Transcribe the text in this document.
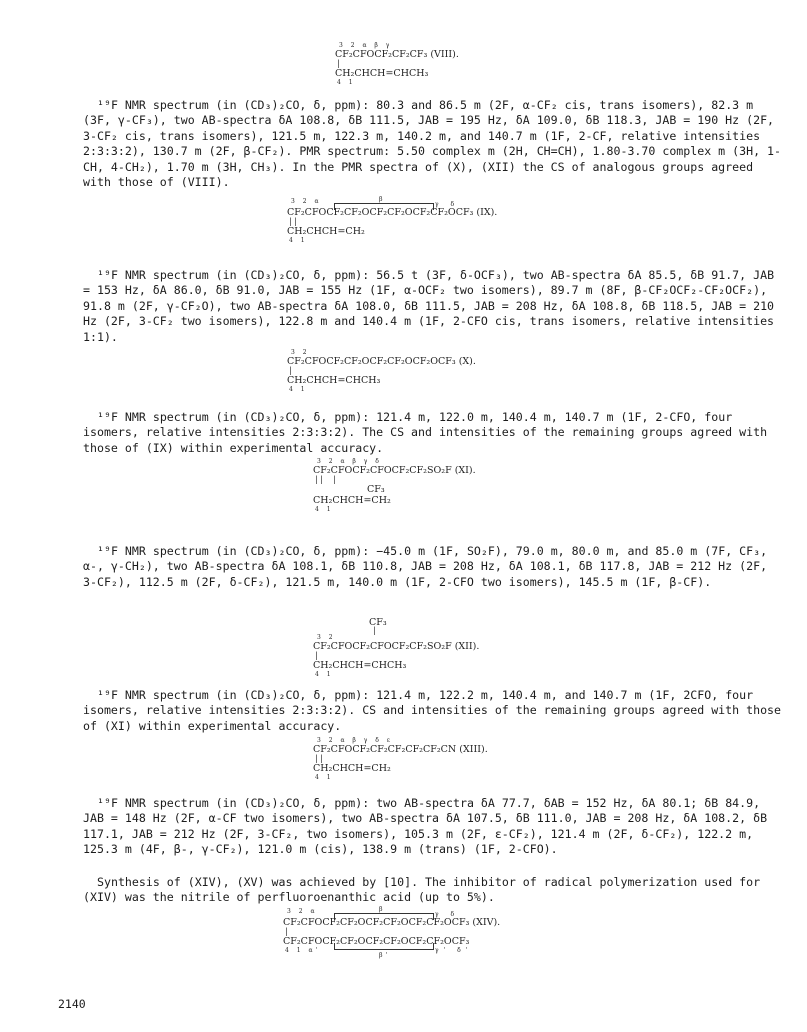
3 2 α β γ
CF₂CFOCF₂CF₂CF₃ (VIII).
|
CH₂CHCH=CHCH₃
4 1

¹⁹F NMR spectrum (in (CD₃)₂CO, δ, ppm): 80.3 and 86.5 m (2F, α-CF₂ cis, trans isomers), 82.3 m (3F, γ-CF₃), two AB-spectra δA 108.8, δB 111.5, JAB = 195 Hz, δA 109.0, δB 118.3, JAB = 190 Hz (2F, 3-CF₂ cis, trans isomers), 121.5 m, 122.3 m, 140.2 m, and 140.7 m (1F, 2-CF, relative intensities 2:3:3:2), 130.7 m (2F, β-CF₂). PMR spectrum: 5.50 complex m (2H, CH=CH), 1.80-3.70 complex m (3H, 1-CH, 4-CH₂), 1.70 m (3H, CH₃). In the PMR spectra of (X), (XII) the CS of analogous groups agreed with those of (VIII).

3 2 α	β
γ δ
CF₂CFOCF₂CF₂OCF₂CF₂OCF₂CF₂OCF₃ (IX).
| |
CH₂CHCH=CH₂
4 1

¹⁹F NMR spectrum (in (CD₃)₂CO, δ, ppm): 56.5 t (3F, δ-OCF₃), two AB-spectra δA 85.5, δB 91.7, JAB = 153 Hz, δA 86.0, δB 91.0, JAB = 155 Hz (1F, α-OCF₂ two isomers), 89.7 m (8F, β-CF₂OCF₂-CF₂OCF₂), 91.8 m (2F, γ-CF₂O), two AB-spectra δA 108.0, δB 111.5, JAB = 208 Hz, δA 108.8, δB 118.5, JAB = 210 Hz (2F, 3-CF₂ two isomers), 122.8 m and 140.4 m (1F, 2-CFO cis, trans isomers, relative intensities 1:1).

3 2
CF₂CFOCF₂CF₂OCF₂CF₂OCF₂OCF₃ (X).
|
CH₂CHCH=CHCH₃
4 1

¹⁹F NMR spectrum (in (CD₃)₂CO, δ, ppm): 121.4 m, 122.0 m, 140.4 m, 140.7 m (1F, 2-CFO, four isomers, relative intensities 2:3:3:2). The CS and intensities of the remaining groups agreed with those of (IX) within experimental accuracy.

3 2 α β γ δ
CF₂CFOCF₂CFOCF₂CF₂SO₂F (XI).
| |    |
CF₃
CH₂CHCH=CH₂
4 1

¹⁹F NMR spectrum (in (CD₃)₂CO, δ, ppm): −45.0 m (1F, SO₂F), 79.0 m, 80.0 m, and 85.0 m (7F, CF₃, α-, γ-CH₂), two AB-spectra δA 108.1, δB 110.8, JAB = 208 Hz, δA 108.1, δB 117.8, JAB = 212 Hz (2F, 3-CF₂), 112.5 m (2F, δ-CF₂), 121.5 m, 140.0 m (1F, 2-CFO two isomers), 145.5 m (1F, β-CF).

CF₃
|
3 2
CF₂CFOCF₂CFOCF₂CF₂SO₂F (XII).
|
CH₂CHCH=CHCH₃
4 1

¹⁹F NMR spectrum (in (CD₃)₂CO, δ, ppm): 121.4 m, 122.2 m, 140.4 m, and 140.7 m (1F, 2CFO, four isomers, relative intensities 2:3:3:2). CS and intensities of the remaining groups agreed with those of (XI) within experimental accuracy.

3 2 α β γ δ ε
CF₂CFOCF₂CF₂CF₂CF₂CF₂CN (XIII).
| |
CH₂CHCH=CH₂
4 1

¹⁹F NMR spectrum (in (CD₃)₂CO, δ, ppm): two AB-spectra δA 77.7, δAB = 152 Hz, δA 80.1; δB 84.9, JAB = 148 Hz (2F, α-CF two isomers), two AB-spectra δA 107.5, δB 111.0, JAB = 208 Hz, δA 108.2, δB 117.1, JAB = 212 Hz (2F, 3-CF₂, two isomers), 105.3 m (2F, ε-CF₂), 121.4 m (2F, δ-CF₂), 122.2 m, 125.3 m (4F, β-, γ-CF₂), 121.0 m (cis), 138.9 m (trans) (1F, 2-CFO).

Synthesis of (XIV), (XV) was achieved by [10]. The inhibitor of radical polymerization used for (XIV) was the nitrile of perfluoroenanthic acid (up to 5%).

3 2 α	β
γ δ
CF₂CFOCF₂CF₂OCF₂CF₂OCF₂CF₂OCF₃ (XIV).
|
CF₂CFOCF₂CF₂OCF₂CF₂OCF₂CF₂OCF₃
4 1 α'
β'
γ' δ'
2140
